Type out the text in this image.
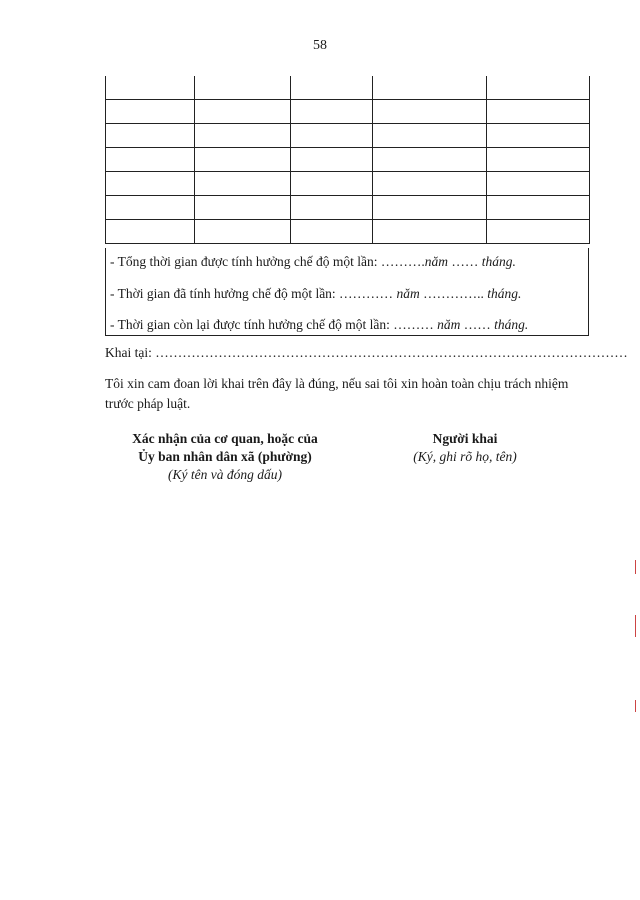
58

- Tổng thời gian được tính hưởng chế độ một lần: ……….năm …… tháng.
- Thời gian đã tính hưởng chế độ một lần: ………… năm ………….. tháng.
- Thời gian còn lại được tính hưởng chế độ một lần: ……… năm …… tháng.
Khai tại: ……………………………………………………………………………………………
Tôi xin cam đoan lời khai trên đây là đúng, nếu sai tôi xin hoàn toàn chịu trách nhiệm trước pháp luật.
Xác nhận của cơ quan, hoặc của
Ủy ban nhân dân xã (phường)
(Ký tên và đóng dấu)
Người khai
(Ký, ghi rõ họ, tên)
